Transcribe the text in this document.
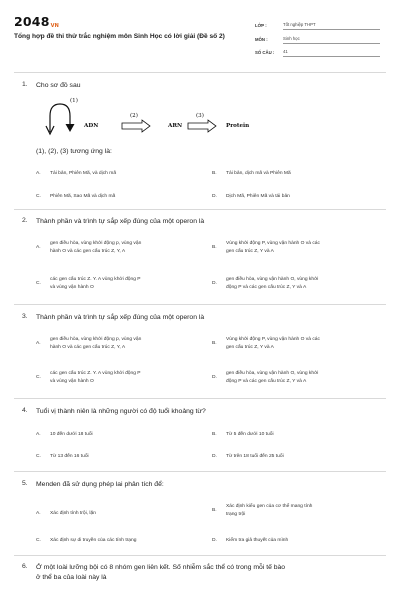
2048VN
Tổng hợp đề thi thử trắc nghiệm môn Sinh Học có lời giải (Đề số 2)
LỚP :	Tốt nghiệp THPT
MÔN :	Sinh học
SỐ CÂU :	41
1. Cho sơ đồ sau
(1)
ADN
(2)
ARN
(3)
Protein
(1), (2), (3) tương ứng là:
A. Tái bản, Phiên Mã, và dịch mã	B. Tái bản, dịch mã và Phiên Mã
C. Phiên Mã, Sao Mã và dịch mã	D. Dịch Mã, Phiên Mã và tái bản
2. Thành phần và trình tự sắp xếp đúng của một operon là
A.
gen điều hòa, vùng khởi động p, vùng vận
hành O và các gen cấu trúc Z, Y, A
B.
Vùng khởi động P, vùng vận hành O và các
gen cấu trúc Z, Y và A
C.
các gen cấu trúc Z. Y. A vùng khởi động P
và vùng vận hành O
D.
gen điều hòa, vùng vận hành O, vùng khởi
động P và các gen cấu trúc Z, Y và A
3. Thành phần và trình tự sắp xếp đúng của một operon là
A.
gen điều hòa, vùng khởi động p, vùng vận
hành O và các gen cấu trúc Z, Y, A
B.
Vùng khởi động P, vùng vận hành O và các
gen cấu trúc Z, Y và A
C.
các gen cấu trúc Z. Y. A vùng khởi động P
và vùng vận hành O
D.
gen điều hòa, vùng vận hành O, vùng khởi
động P và các gen cấu trúc Z, Y và A
4. Tuổi vị thành niên là những người có độ tuổi khoảng từ?
A. 10 đến dưới 18 tuổi	B. Từ 5 đến dưới 10 tuổi
C. Từ 13 đến 16 tuổi	D. Từ trên 18 tuổi đến 25 tuổi
5. Menden đã sử dụng phép lai phân tích để:
A. Xác định tính trội, lặn
B.
Xác định kiểu gen của cơ thể mang tính
trạng trội
C. Xác định sự di truyền của các tính trạng	D. Kiểm tra giả thuyết của mình
6. Ở một loài lưỡng bội có 8 nhóm gen liên kết. Số nhiễm sắc thể có trong mỗi tế bào
ở thể ba của loài này là
